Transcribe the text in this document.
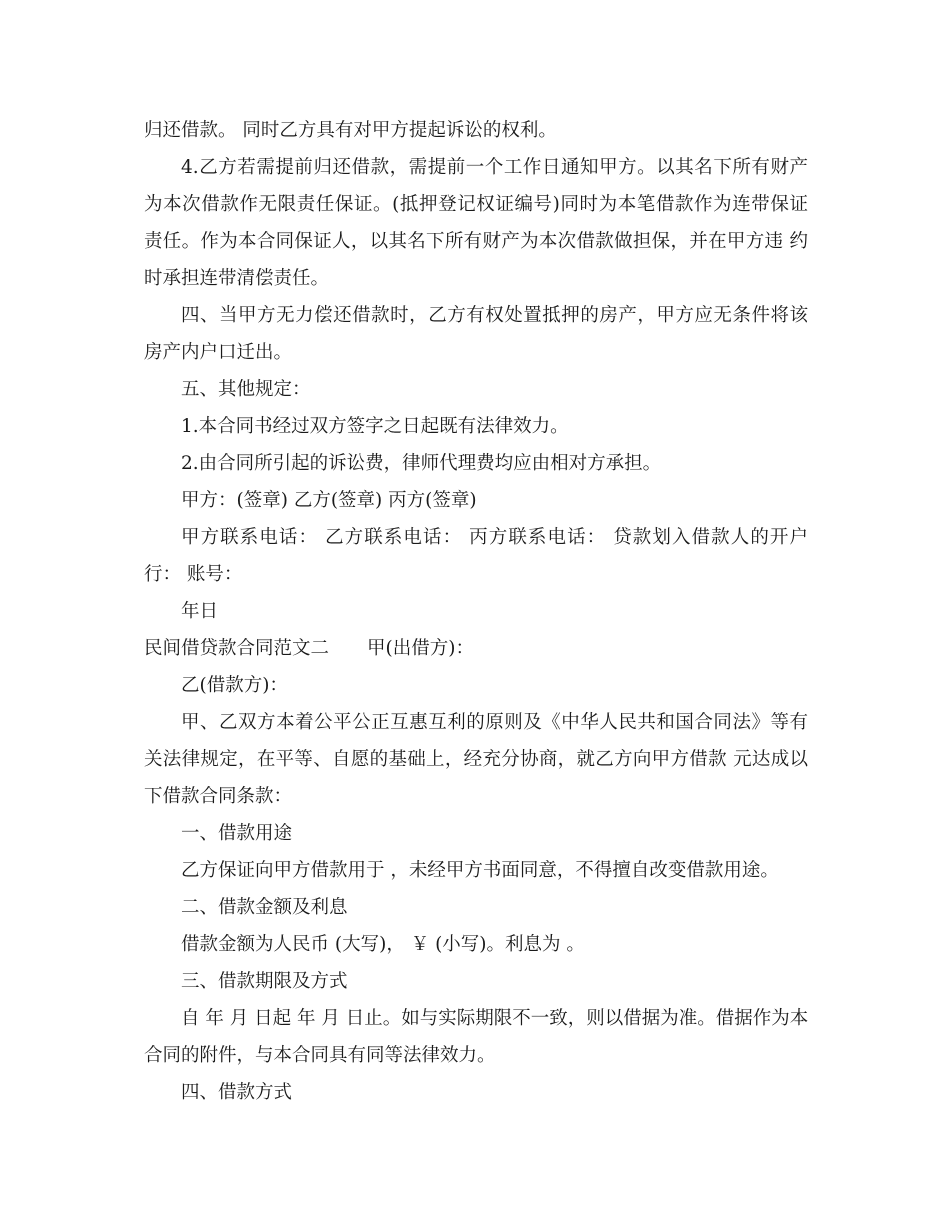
归还借款。 同时乙方具有对甲方提起诉讼的权利。
4.乙方若需提前归还借款，需提前一个工作日通知甲方。以其名下所有财产
为本次借款作无限责任保证。(抵押登记权证编号)同时为本笔借款作为连带保证
责任。作为本合同保证人，以其名下所有财产为本次借款做担保，并在甲方违 约
时承担连带清偿责任。
四、当甲方无力偿还借款时，乙方有权处置抵押的房产，甲方应无条件将该
房产内户口迁出。
五、其他规定：
1.本合同书经过双方签字之日起既有法律效力。
2.由合同所引起的诉讼费，律师代理费均应由相对方承担。
甲方：(签章) 乙方(签章) 丙方(签章)
甲方联系电话： 乙方联系电话： 丙方联系电话： 贷款划入借款人的开户
行： 账号：
年日
民间借贷款合同范文二 甲(出借方)：
乙(借款方)：
甲、乙双方本着公平公正互惠互利的原则及《中华人民共和国合同法》等有
关法律规定，在平等、自愿的基础上，经充分协商，就乙方向甲方借款 元达成以
下借款合同条款：
一、借款用途
乙方保证向甲方借款用于 ，未经甲方书面同意，不得擅自改变借款用途。
二、借款金额及利息
借款金额为人民币 (大写)， ￥ (小写)。利息为 。
三、借款期限及方式
自 年 月 日起 年 月 日止。如与实际期限不一致，则以借据为准。借据作为本
合同的附件，与本合同具有同等法律效力。
四、借款方式
